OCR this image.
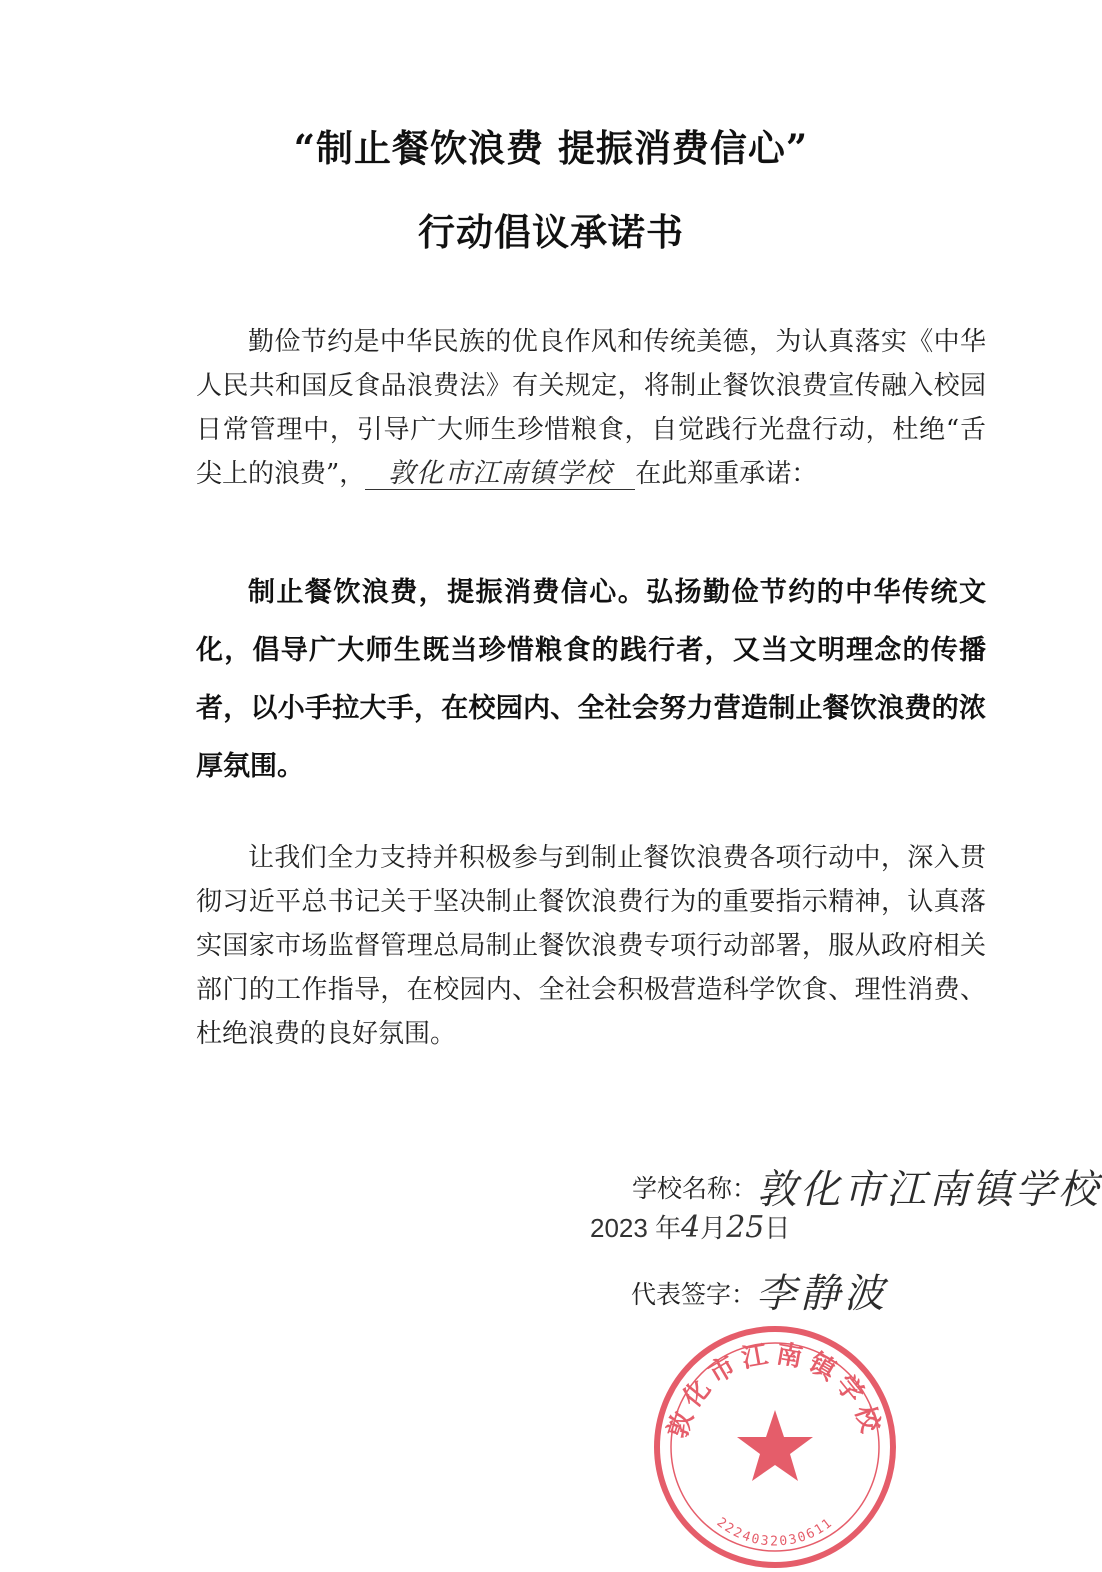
“制止餐饮浪费 提振消费信心”
行动倡议承诺书
勤俭节约是中华民族的优良作风和传统美德，为认真落实《中华人民共和国反食品浪费法》有关规定，将制止餐饮浪费宣传融入校园日常管理中，引导广大师生珍惜粮食，自觉践行光盘行动，杜绝“舌尖上的浪费”， 敦化市江南镇学校 在此郑重承诺：
制止餐饮浪费，提振消费信心。弘扬勤俭节约的中华传统文化，倡导广大师生既当珍惜粮食的践行者，又当文明理念的传播者，以小手拉大手，在校园内、全社会努力营造制止餐饮浪费的浓厚氛围。
让我们全力支持并积极参与到制止餐饮浪费各项行动中，深入贯彻习近平总书记关于坚决制止餐饮浪费行为的重要指示精神，认真落实国家市场监督管理总局制止餐饮浪费专项行动部署，服从政府相关部门的工作指导，在校园内、全社会积极营造科学饮食、理性消费、杜绝浪费的良好氛围。
学校名称：敦化市江南镇学校
2023 年4月25日
代表签字：李静波
敦化市江南镇学校
2224032030611
